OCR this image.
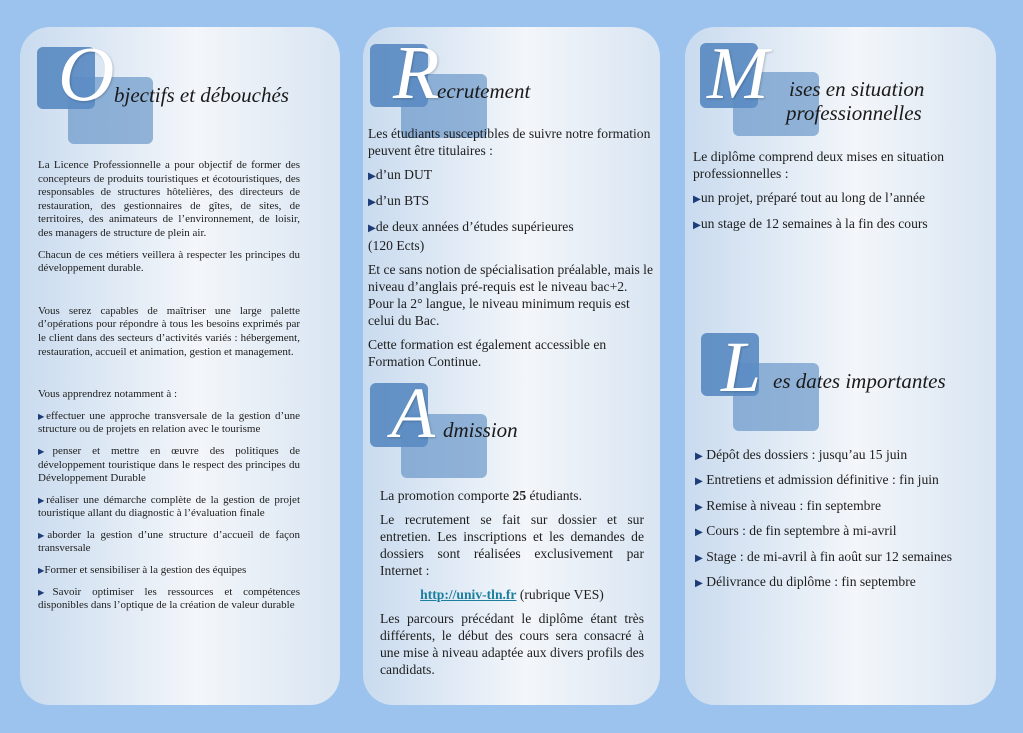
O bjectifs et débouchés

La Licence Professionnelle a pour objectif de former des concepteurs de produits touristiques et écotouristiques, des responsables de structures hôtelières, des directeurs de restauration, des gestionnaires de gîtes, de sites, de territoires, des animateurs de l’environnement, de loisir, des managers de structure de plein air.

Chacun de ces métiers veillera à respecter les principes du développement durable.

Vous serez capables de maîtriser une large palette d’opérations pour répondre à tous les besoins exprimés par le client dans des secteurs d’activités variés : hébergement, restauration, accueil et animation, gestion et management.

Vous apprendrez notamment à :

▶effectuer une approche transversale de la gestion d’une structure ou de projets en relation avec le tourisme

▶penser et mettre en œuvre des politiques de développement touristique dans le respect des principes du Développement Durable

▶réaliser une démarche complète de la gestion de projet touristique allant du diagnostic à l’évaluation finale

▶aborder la gestion d’une structure d’accueil de façon transversale

▶Former et sensibiliser à la gestion des équipes

▶Savoir optimiser les ressources et compétences disponibles dans l’optique de la création de valeur durable

R
ecrutement

Les étudiants susceptibles de suivre notre formation peuvent être titulaires :

▶d’un DUT

▶d’un BTS

▶de deux années d’études supérieures
(120 Ects)

Et ce sans notion de spécialisation préalable, mais le niveau d’anglais pré-requis est le niveau bac+2. Pour la 2° langue, le niveau minimum requis est celui du Bac.

Cette formation est également accessible en Formation Continue.

A dmission

La promotion comporte 25 étudiants.

Le recrutement se fait sur dossier et sur entretien. Les inscriptions et les demandes de dossiers sont réalisées exclusivement par Internet :

http://univ-tln.fr (rubrique VES)

Les parcours précédant le diplôme étant très différents, le début des cours sera consacré à une mise à niveau adaptée aux divers profils des candidats.

M ises en situation
professionnelles

Le diplôme comprend deux mises en situation professionnelles :

▶un projet, préparé tout au long de l’année

▶un stage de 12 semaines à la fin des cours

L es dates importantes
▶ Dépôt des dossiers : jusqu’au 15 juin
▶ Entretiens et admission définitive : fin juin
▶ Remise à niveau : fin septembre
▶ Cours : de fin septembre à mi-avril
▶ Stage : de mi-avril à fin août sur 12 semaines
▶ Délivrance du diplôme : fin septembre
